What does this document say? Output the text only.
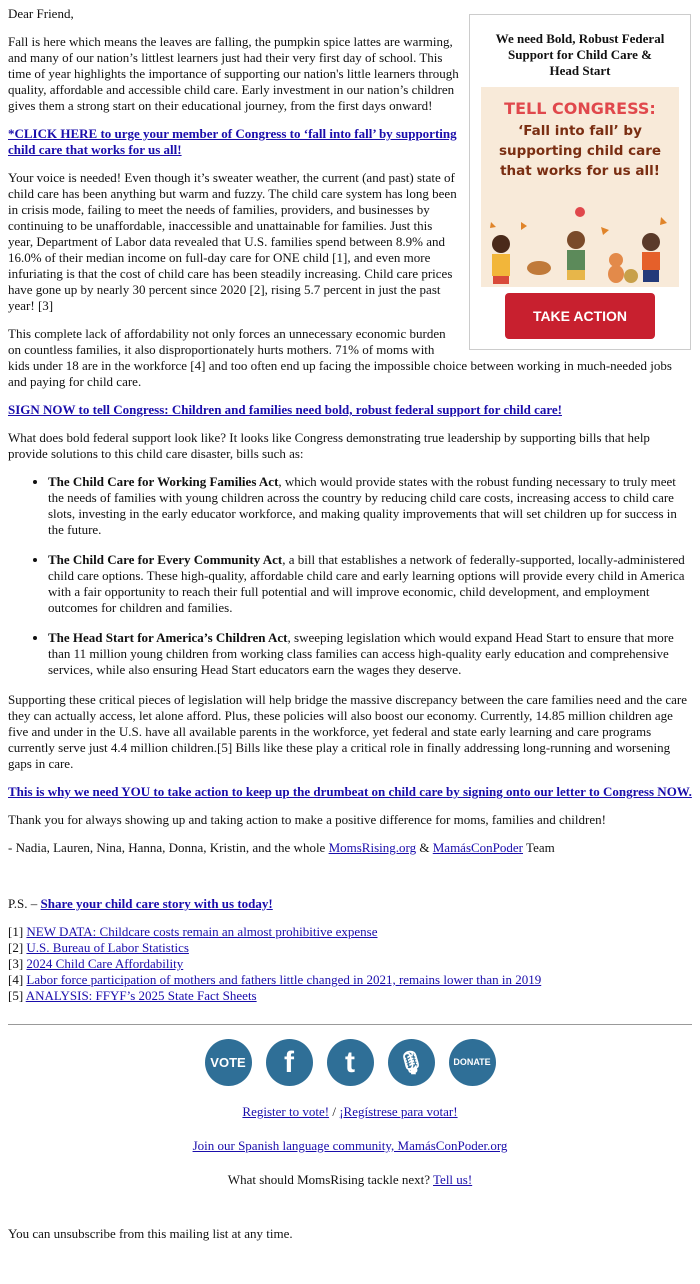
We need Bold, Robust Federal Support for Child Care & Head Start
TELL CONGRESS:
‘Fall into fall’ by supporting child care that works for us all!
TAKE ACTION

Dear Friend,

Fall is here which means the leaves are falling, the pumpkin spice lattes are warming, and many of our nation’s littlest learners just had their very first day of school. This time of year highlights the importance of supporting our nation's little learners through quality, affordable and accessible child care. Early investment in our nation’s children gives them a strong start on their educational journey, from the first days onward!

*CLICK HERE to urge your member of Congress to ‘fall into fall’ by supporting child care that works for us all!

Your voice is needed! Even though it’s sweater weather, the current (and past) state of child care has been anything but warm and fuzzy. The child care system has long been in crisis mode, failing to meet the needs of families, providers, and businesses by continuing to be unaffordable, inaccessible and unattainable for families. Just this year, Department of Labor data revealed that U.S. families spend between 8.9% and 16.0% of their median income on full-day care for ONE child [1], and even more infuriating is that the cost of child care has been steadily increasing. Child care prices have gone up by nearly 30 percent since 2020 [2], rising 5.7 percent in just the past year! [3]

This complete lack of affordability not only forces an unnecessary economic burden on countless families, it also disproportionately hurts mothers. 71% of moms with kids under 18 are in the workforce [4] and too often end up facing the impossible choice between working in much-needed jobs and paying for child care.

SIGN NOW to tell Congress: Children and families need bold, robust federal support for child care!

What does bold federal support look like? It looks like Congress demonstrating true leadership by supporting bills that help provide solutions to this child care disaster, bills such as:

• The Child Care for Working Families Act, which would provide states with the robust funding necessary to truly meet the needs of families with young children across the country by reducing child care costs, increasing access to child care slots, investing in the early educator workforce, and making quality improvements that will set children up for success in the future.
• The Child Care for Every Community Act, a bill that establishes a network of federally-supported, locally-administered child care options. These high-quality, affordable child care and early learning options will provide every child in America with a fair opportunity to reach their full potential and will improve economic, child development, and employment outcomes for children and families.
• The Head Start for America’s Children Act, sweeping legislation which would expand Head Start to ensure that more than 11 million young children from working class families can access high-quality early education and comprehensive services, while also ensuring Head Start educators earn the wages they deserve.

Supporting these critical pieces of legislation will help bridge the massive discrepancy between the care families need and the care they can actually access, let alone afford. Plus, these policies will also boost our economy. Currently, 14.85 million children age five and under in the U.S. have all available parents in the workforce, yet federal and state early learning and care programs currently serve just 4.4 million children.[5] Bills like these play a critical role in finally addressing long-running and worsening gaps in care.

This is why we need YOU to take action to keep up the drumbeat on child care by signing onto our letter to Congress NOW.

Thank you for always showing up and taking action to make a positive difference for moms, families and children!

- Nadia, Lauren, Nina, Hanna, Donna, Kristin, and the whole MomsRising.org & MamásConPoder Team

P.S. – Share your child care story with us today!

[1] NEW DATA: Childcare costs remain an almost prohibitive expense

[2] U.S. Bureau of Labor Statistics

[3] 2024 Child Care Affordability

[4] Labor force participation of mothers and fathers little changed in 2021, remains lower than in 2019

[5] ANALYSIS: FFYF’s 2025 State Fact Sheets

VOTE f t 🎙	DONATE
Register to vote! / ¡Regístrese para votar!
Join our Spanish language community, MamásConPoder.org
What should MomsRising tackle next? Tell us!

You can unsubscribe from this mailing list at any time.
